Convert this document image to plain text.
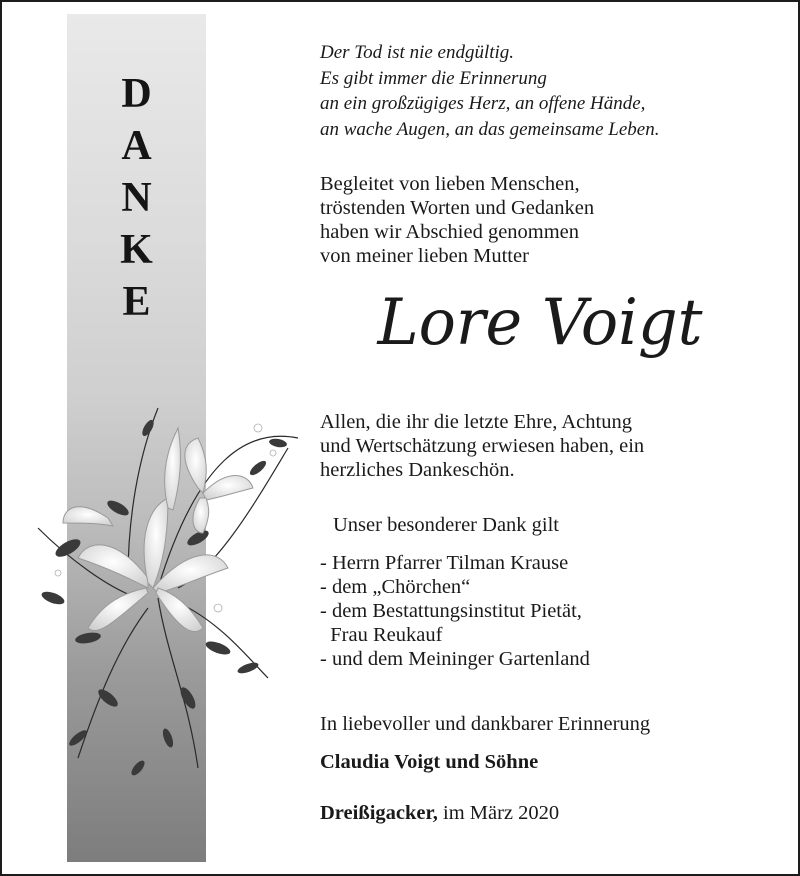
D
A
N
K
E
Der Tod ist nie endgültig.
Es gibt immer die Erinnerung
an ein großzügiges Herz, an offene Hände,
an wache Augen, an das gemeinsame Leben.
Begleitet von lieben Menschen,
tröstenden Worten und Gedanken
haben wir Abschied genommen
von meiner lieben Mutter
Lore Voigt
Allen, die ihr die letzte Ehre, Achtung
und Wertschätzung erwiesen haben, ein
herzliches Dankeschön.
Unser besonderer Dank gilt
- Herrn Pfarrer Tilman Krause
- dem „Chörchen“
- dem Bestattungsinstitut Pietät,
Frau Reukauf
- und dem Meininger Gartenland
In liebevoller und dankbarer Erinnerung
Claudia Voigt und Söhne
Dreißigacker, im März 2020
